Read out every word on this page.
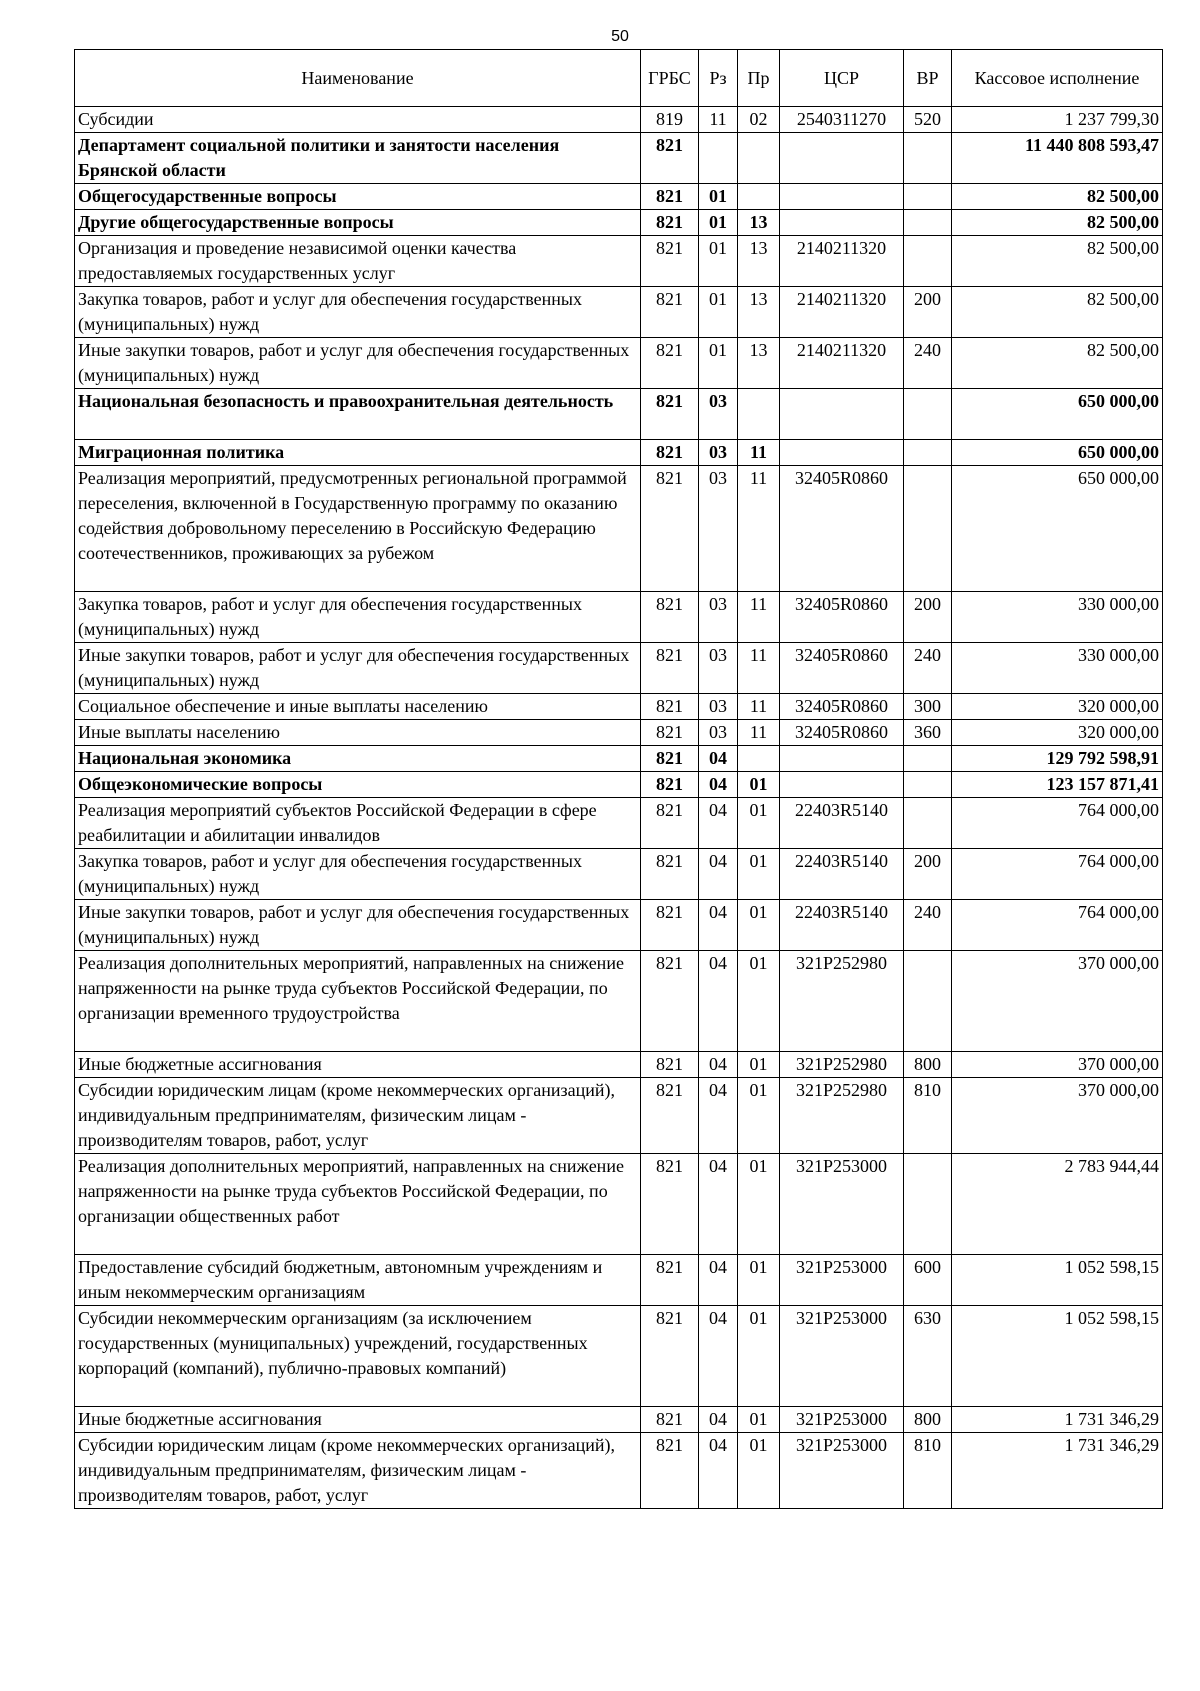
50
Наименование	ГРБС	Рз	Пр	ЦСР	ВР	Кассовое исполнение
Субсидии	819	11	02	2540311270	520	1 237 799,30
Департамент социальной политики и занятости населения Брянской области	821					11 440 808 593,47
Общегосударственные вопросы	821	01				82 500,00
Другие общегосударственные вопросы	821	01	13			82 500,00
Организация и проведение независимой оценки качества предоставляемых государственных услуг	821	01	13	2140211320		82 500,00
Закупка товаров, работ и услуг для обеспечения государственных (муниципальных) нужд	821	01	13	2140211320	200	82 500,00
Иные закупки товаров, работ и услуг для обеспечения государственных (муниципальных) нужд	821	01	13	2140211320	240	82 500,00
Национальная безопасность и правоохранительная деятельность	821	03				650 000,00
Миграционная политика	821	03	11			650 000,00
Реализация мероприятий, предусмотренных региональной программой переселения, включенной в Государственную программу по оказанию содействия добровольному переселению в Российскую Федерацию соотечественников, проживающих за рубежом	821	03	11	32405R0860		650 000,00
Закупка товаров, работ и услуг для обеспечения государственных (муниципальных) нужд	821	03	11	32405R0860	200	330 000,00
Иные закупки товаров, работ и услуг для обеспечения государственных (муниципальных) нужд	821	03	11	32405R0860	240	330 000,00
Социальное обеспечение и иные выплаты населению	821	03	11	32405R0860	300	320 000,00
Иные выплаты населению	821	03	11	32405R0860	360	320 000,00
Национальная экономика	821	04				129 792 598,91
Общеэкономические вопросы	821	04	01			123 157 871,41
Реализация мероприятий субъектов Российской Федерации в сфере реабилитации и абилитации инвалидов	821	04	01	22403R5140		764 000,00
Закупка товаров, работ и услуг для обеспечения государственных (муниципальных) нужд	821	04	01	22403R5140	200	764 000,00
Иные закупки товаров, работ и услуг для обеспечения государственных (муниципальных) нужд	821	04	01	22403R5140	240	764 000,00
Реализация дополнительных мероприятий, направленных на снижение напряженности на рынке труда субъектов Российской Федерации, по организации временного трудоустройства	821	04	01	321P252980		370 000,00
Иные бюджетные ассигнования	821	04	01	321P252980	800	370 000,00
Субсидии юридическим лицам (кроме некоммерческих организаций), индивидуальным предпринимателям, физическим лицам - производителям товаров, работ, услуг	821	04	01	321P252980	810	370 000,00
Реализация дополнительных мероприятий, направленных на снижение напряженности на рынке труда субъектов Российской Федерации, по организации общественных работ	821	04	01	321P253000		2 783 944,44
Предоставление субсидий бюджетным, автономным учреждениям и иным некоммерческим организациям	821	04	01	321P253000	600	1 052 598,15
Субсидии некоммерческим организациям (за исключением государственных (муниципальных) учреждений, государственных корпораций (компаний), публично-правовых компаний)	821	04	01	321P253000	630	1 052 598,15
Иные бюджетные ассигнования	821	04	01	321P253000	800	1 731 346,29
Субсидии юридическим лицам (кроме некоммерческих организаций), индивидуальным предпринимателям, физическим лицам - производителям товаров, работ, услуг	821	04	01	321P253000	810	1 731 346,29
